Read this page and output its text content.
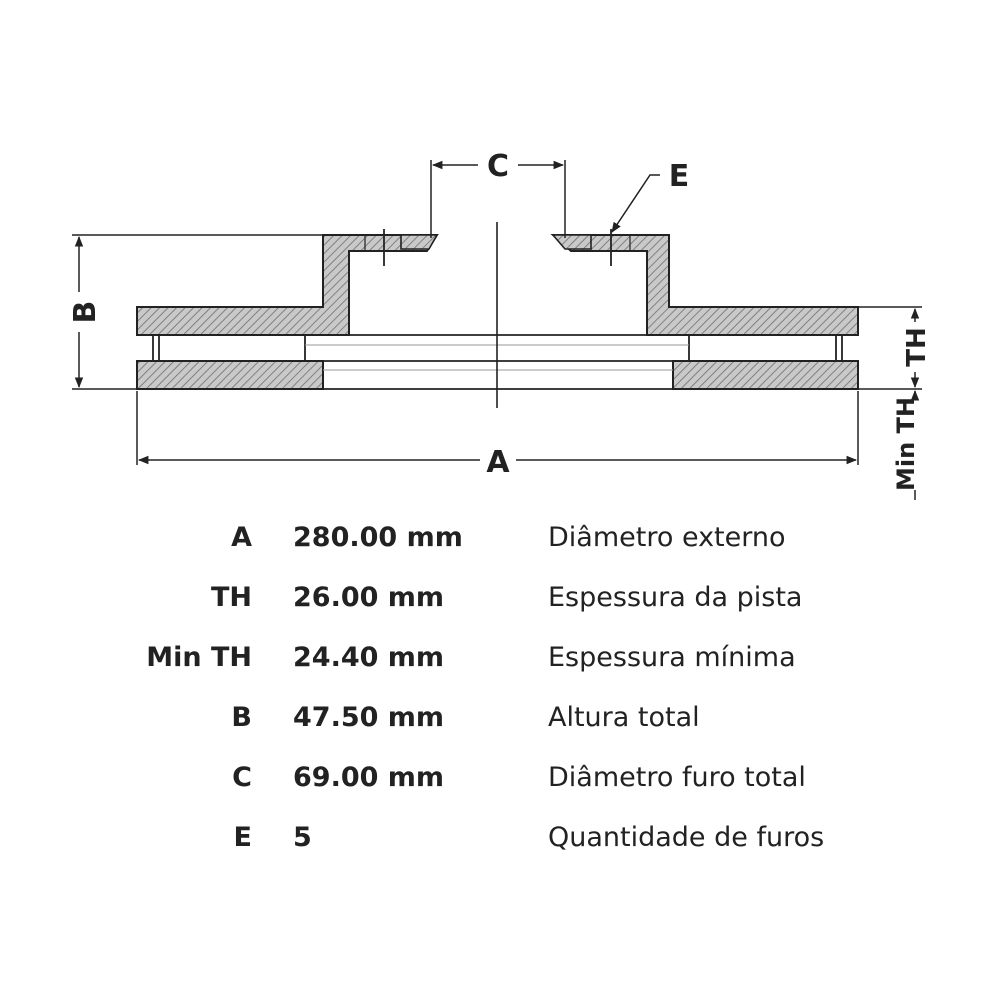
C	E
B
A
TH
Min TH
A 280.00 mm	Diâmetro externo
TH 26.00 mm	Espessura da pista
Min TH 24.40 mm	Espessura mínima
B 47.50 mm	Altura total
C 69.00 mm	Diâmetro furo total
E 5	Quantidade de furos
